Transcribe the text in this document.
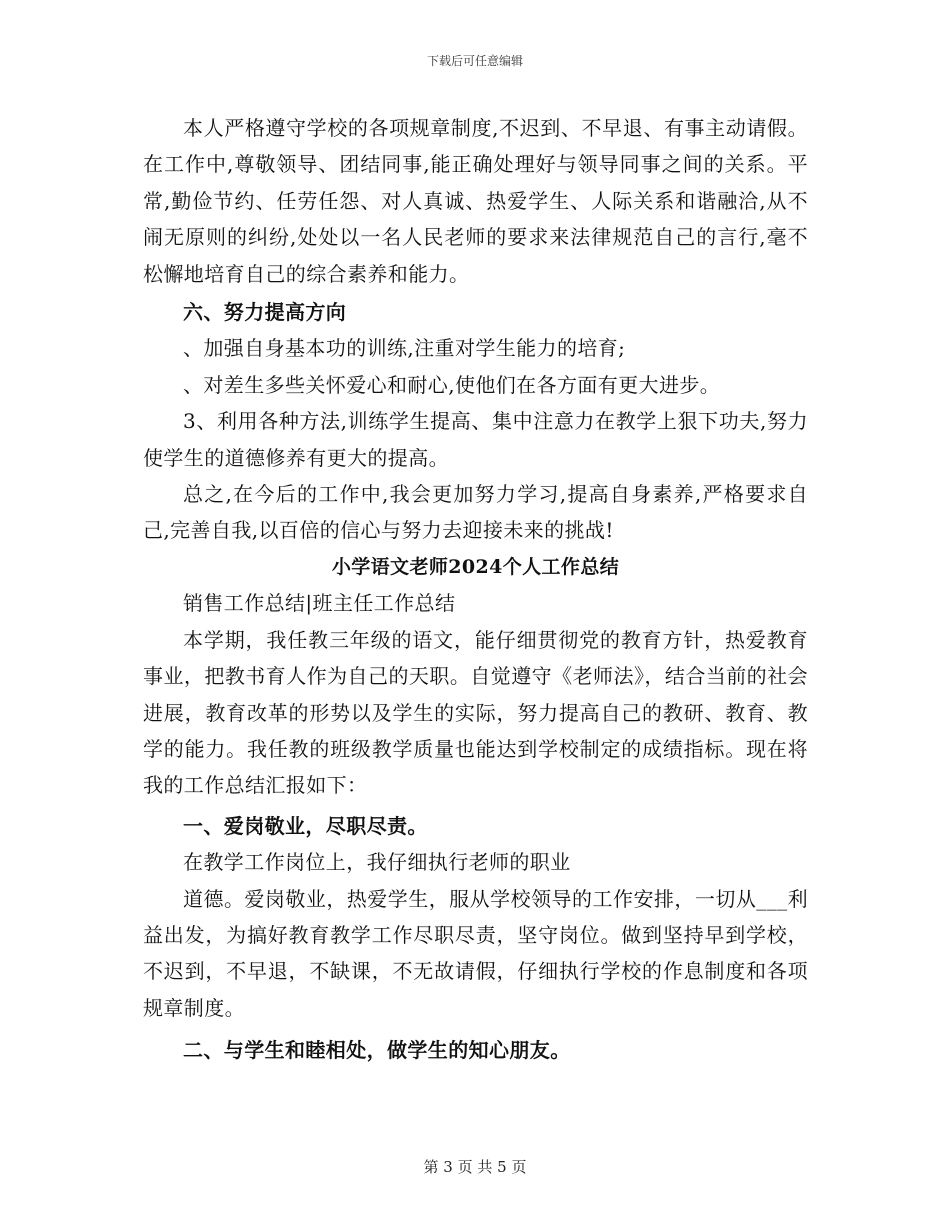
下载后可任意编辑

本人严格遵守学校的各项规章制度,不迟到、不早退、有事主动请假。在工作中,尊敬领导、团结同事,能正确处理好与领导同事之间的关系。平常,勤俭节约、任劳任怨、对人真诚、热爱学生、人际关系和谐融洽,从不闹无原则的纠纷,处处以一名人民老师的要求来法律规范自己的言行,毫不松懈地培育自己的综合素养和能力。

六、努力提高方向

、加强自身基本功的训练,注重对学生能力的培育;

、对差生多些关怀爱心和耐心,使他们在各方面有更大进步。

3、利用各种方法,训练学生提高、集中注意力在教学上狠下功夫,努力使学生的道德修养有更大的提高。

总之,在今后的工作中,我会更加努力学习,提高自身素养,严格要求自己,完善自我,以百倍的信心与努力去迎接未来的挑战!

小学语文老师2024个人工作总结

销售工作总结|班主任工作总结

本学期，我任教三年级的语文，能仔细贯彻党的教育方针，热爱教育事业，把教书育人作为自己的天职。自觉遵守《老师法》，结合当前的社会进展，教育改革的形势以及学生的实际，努力提高自己的教研、教育、教学的能力。我任教的班级教学质量也能达到学校制定的成绩指标。现在将我的工作总结汇报如下：

一、爱岗敬业，尽职尽责。

在教学工作岗位上，我仔细执行老师的职业

道德。爱岗敬业，热爱学生，服从学校领导的工作安排，一切从___利益出发，为搞好教育教学工作尽职尽责，坚守岗位。做到坚持早到学校，不迟到，不早退，不缺课，不无故请假，仔细执行学校的作息制度和各项规章制度。

二、与学生和睦相处，做学生的知心朋友。

第 3 页 共 5 页
